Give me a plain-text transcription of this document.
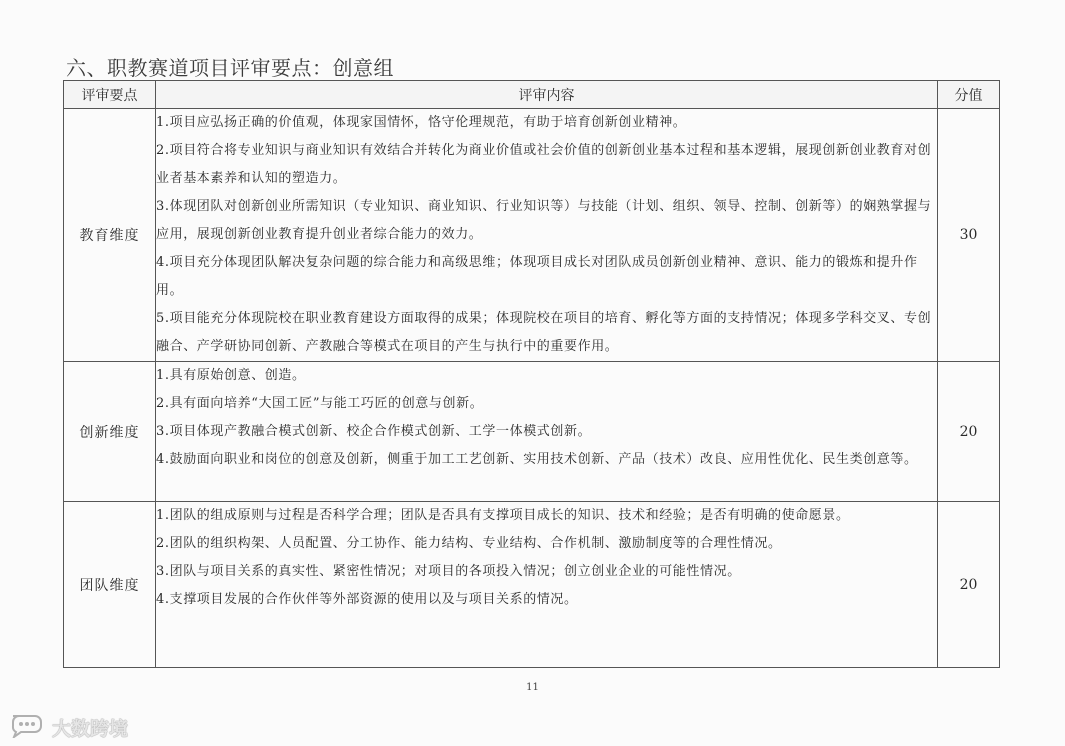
六、职教赛道项目评审要点：创意组
评审要点	评审内容	分值
教育维度	1.项目应弘扬正确的价值观，体现家国情怀，恪守伦理规范，有助于培育创新创业精神。
2.项目符合将专业知识与商业知识有效结合并转化为商业价值或社会价值的创新创业基本过程和基本逻辑，展现创新创业教育对创业者基本素养和认知的塑造力。
3.体现团队对创新创业所需知识（专业知识、商业知识、行业知识等）与技能（计划、组织、领导、控制、创新等）的娴熟掌握与应用，展现创新创业教育提升创业者综合能力的效力。
4.项目充分体现团队解决复杂问题的综合能力和高级思维；体现项目成长对团队成员创新创业精神、意识、能力的锻炼和提升作用。
5.项目能充分体现院校在职业教育建设方面取得的成果；体现院校在项目的培育、孵化等方面的支持情况；体现多学科交叉、专创融合、产学研协同创新、产教融合等模式在项目的产生与执行中的重要作用。	30
创新维度	1.具有原始创意、创造。
2.具有面向培养“大国工匠”与能工巧匠的创意与创新。
3.项目体现产教融合模式创新、校企合作模式创新、工学一体模式创新。
4.鼓励面向职业和岗位的创意及创新，侧重于加工工艺创新、实用技术创新、产品（技术）改良、应用性优化、民生类创意等。	20
团队维度	1.团队的组成原则与过程是否科学合理；团队是否具有支撑项目成长的知识、技术和经验；是否有明确的使命愿景。
2.团队的组织构架、人员配置、分工协作、能力结构、专业结构、合作机制、激励制度等的合理性情况。
3.团队与项目关系的真实性、紧密性情况；对项目的各项投入情况；创立创业企业的可能性情况。
4.支撑项目发展的合作伙伴等外部资源的使用以及与项目关系的情况。	20
11
大数跨境
